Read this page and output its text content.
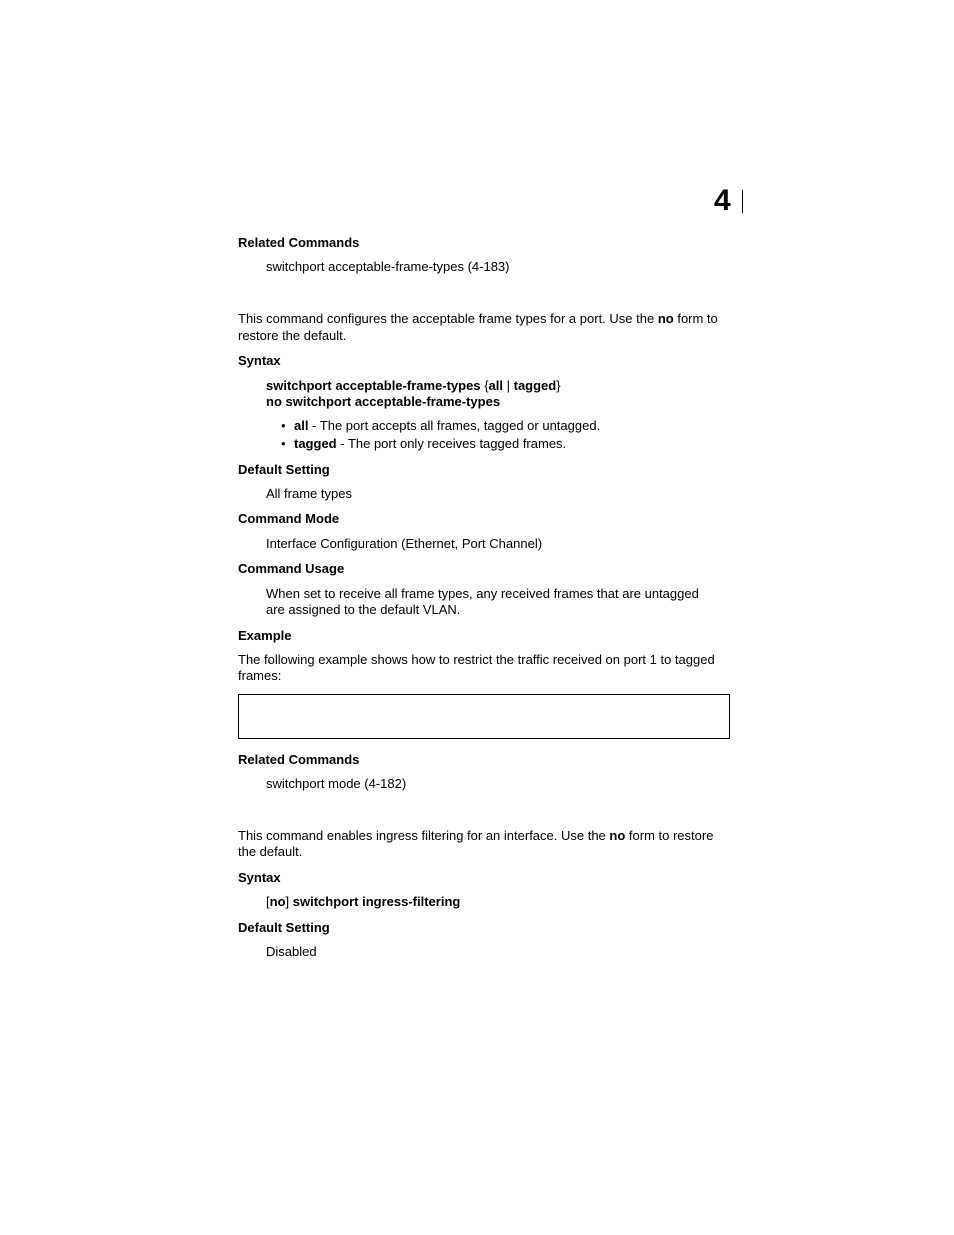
4
Related Commands
switchport acceptable-frame-types (4-183)
This command configures the acceptable frame types for a port. Use the no form to
restore the default.
Syntax
switchport acceptable-frame-types {all | tagged}
no switchport acceptable-frame-types
• all - The port accepts all frames, tagged or untagged.
• tagged - The port only receives tagged frames.
Default Setting
All frame types
Command Mode
Interface Configuration (Ethernet, Port Channel)
Command Usage
When set to receive all frame types, any received frames that are untagged
are assigned to the default VLAN.
Example
The following example shows how to restrict the traffic received on port 1 to tagged
frames:
Related Commands
switchport mode (4-182)
This command enables ingress filtering for an interface. Use the no form to restore
the default.
Syntax
[no] switchport ingress-filtering
Default Setting
Disabled
